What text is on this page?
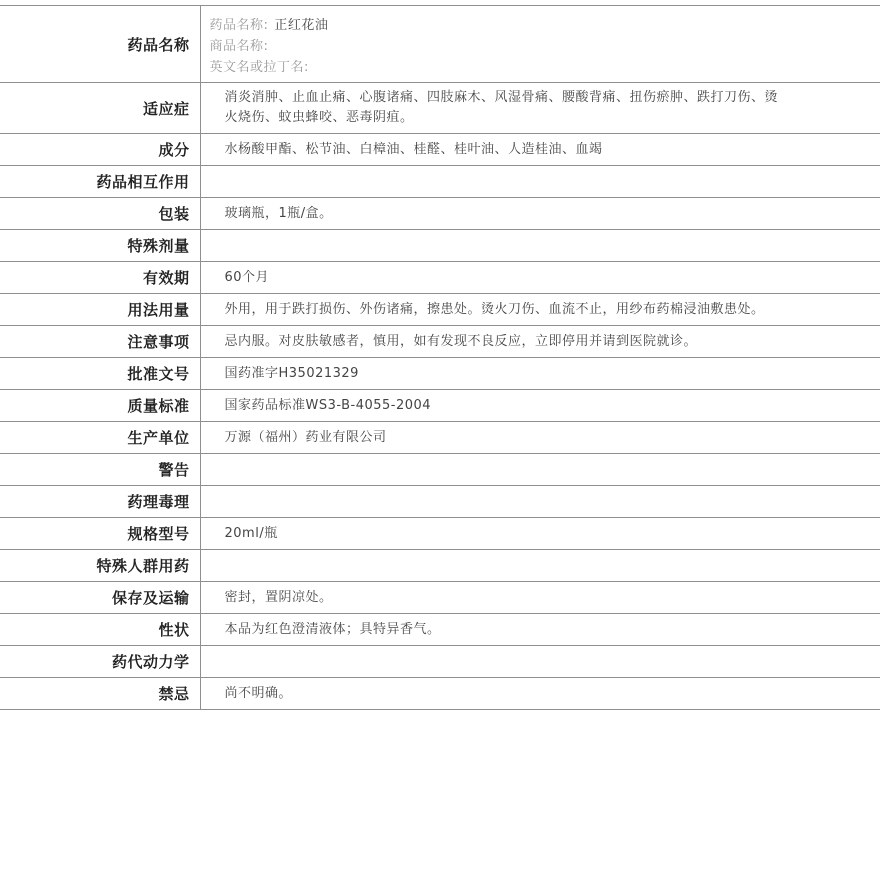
药品名称	药品名称: 正红花油
商品名称:
英文名或拉丁名:

适应症	消炎消肿、止血止痛、心腹诸痛、四肢麻木、风湿骨痛、腰酸背痛、扭伤瘀肿、跌打刀伤、烫火烧伤、蚊虫蜂咬、恶毒阴疽。
成分	水杨酸甲酯、松节油、白樟油、桂醛、桂叶油、人造桂油、血竭
药品相互作用	
包装	玻璃瓶，1瓶/盒。
特殊剂量	
有效期	60个月
用法用量	外用，用于跌打损伤、外伤诸痛，擦患处。烫火刀伤、血流不止，用纱布药棉浸油敷患处。
注意事项	忌内服。对皮肤敏感者，慎用，如有发现不良反应，立即停用并请到医院就诊。
批准文号	国药准字H35021329
质量标准	国家药品标准WS3-B-4055-2004
生产单位	万源（福州）药业有限公司
警告	
药理毒理	
规格型号	20ml/瓶
特殊人群用药	
保存及运输	密封，置阴凉处。
性状	本品为红色澄清液体；具特异香气。
药代动力学	
禁忌	尚不明确。
